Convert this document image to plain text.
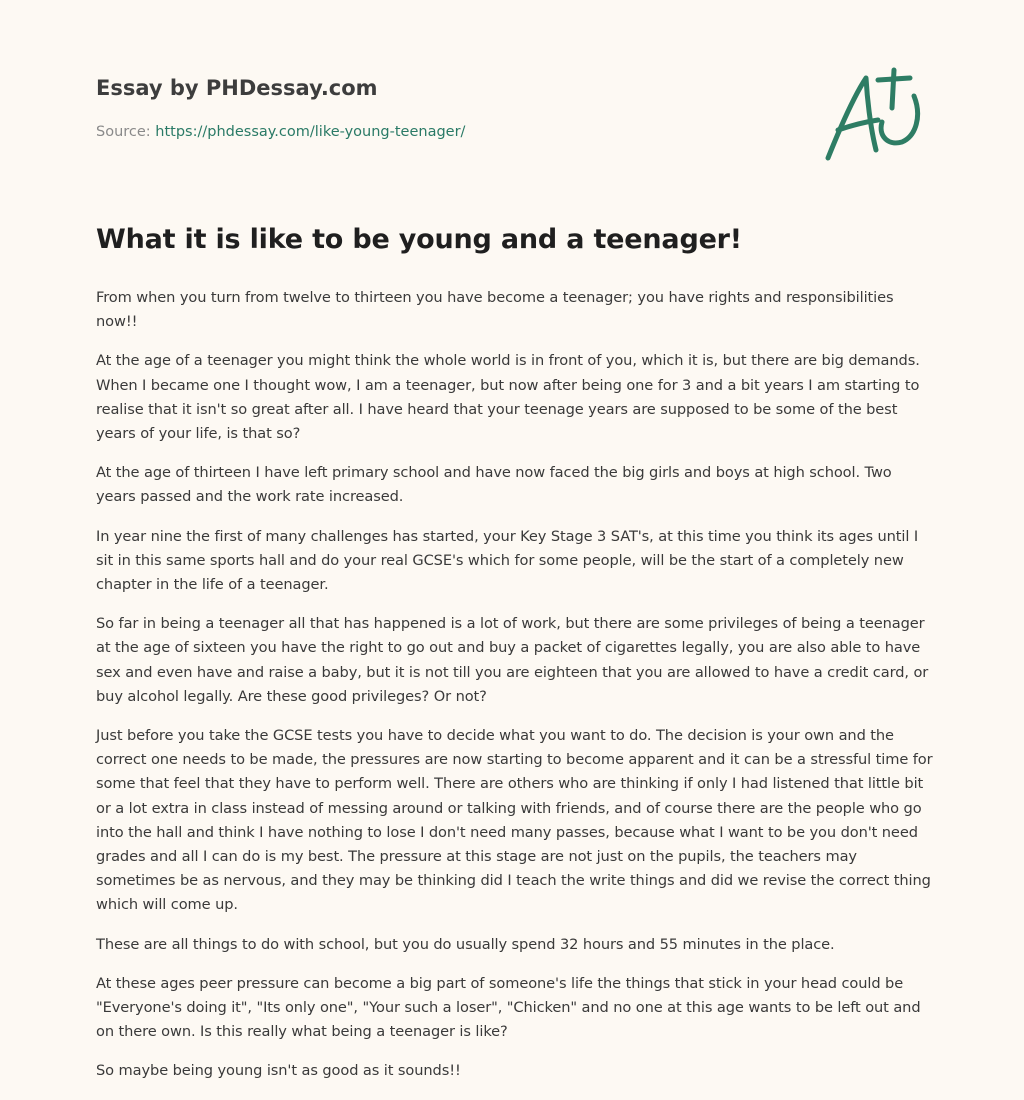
Essay by PHDessay.com

Source: https://phdessay.com/like-young-teenager/

What it is like to be young and a teenager!

From when you turn from twelve to thirteen you have become a teenager; you have rights and responsibilities now!!

At the age of a teenager you might think the whole world is in front of you, which it is, but there are big demands. When I became one I thought wow, I am a teenager, but now after being one for 3 and a bit years I am starting to realise that it isn't so great after all. I have heard that your teenage years are supposed to be some of the best years of your life, is that so?

At the age of thirteen I have left primary school and have now faced the big girls and boys at high school. Two years passed and the work rate increased.

In year nine the first of many challenges has started, your Key Stage 3 SAT's, at this time you think its ages until I sit in this same sports hall and do your real GCSE's which for some people, will be the start of a completely new chapter in the life of a teenager.

So far in being a teenager all that has happened is a lot of work, but there are some privileges of being a teenager at the age of sixteen you have the right to go out and buy a packet of cigarettes legally, you are also able to have sex and even have and raise a baby, but it is not till you are eighteen that you are allowed to have a credit card, or buy alcohol legally. Are these good privileges? Or not?

Just before you take the GCSE tests you have to decide what you want to do. The decision is your own and the correct one needs to be made, the pressures are now starting to become apparent and it can be a stressful time for some that feel that they have to perform well. There are others who are thinking if only I had listened that little bit or a lot extra in class instead of messing around or talking with friends, and of course there are the people who go into the hall and think I have nothing to lose I don't need many passes, because what I want to be you don't need grades and all I can do is my best. The pressure at this stage are not just on the pupils, the teachers may sometimes be as nervous, and they may be thinking did I teach the write things and did we revise the correct thing which will come up.

These are all things to do with school, but you do usually spend 32 hours and 55 minutes in the place.

At these ages peer pressure can become a big part of someone's life the things that stick in your head could be "Everyone's doing it", "Its only one", "Your such a loser", "Chicken" and no one at this age wants to be left out and on there own. Is this really what being a teenager is like?

So maybe being young isn't as good as it sounds!!
